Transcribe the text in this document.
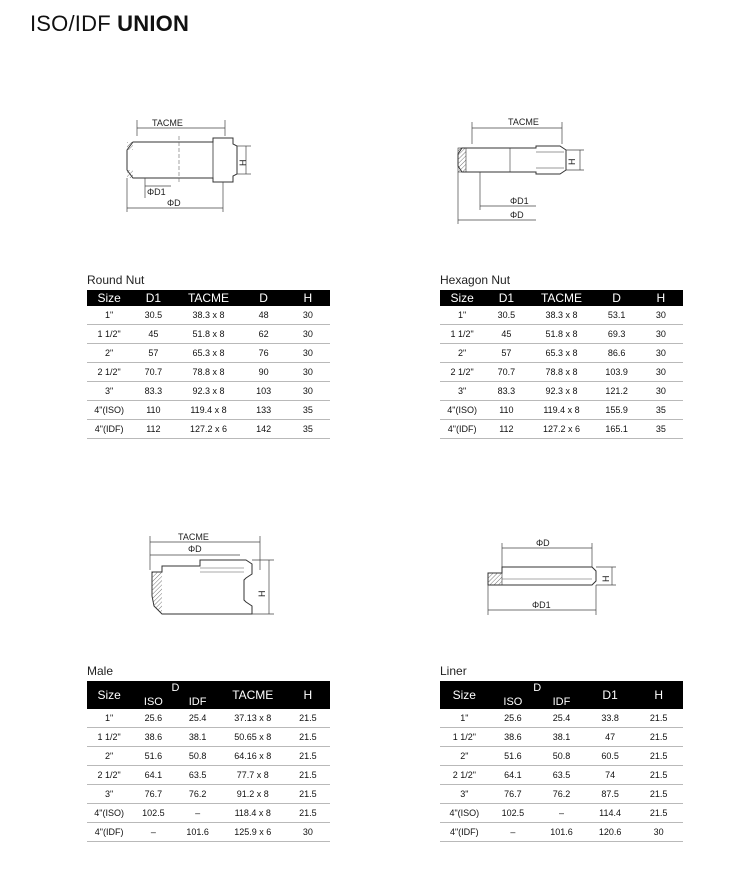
ISO/IDF UNION
TACME
H
ΦD1
ΦD
TACME
H
ΦD1
ΦD
Round Nut
Size	D1	TACME	D	H
1"	30.5	38.3 x 8	48	30
1 1/2"	45	51.8 x 8	62	30
2"	57	65.3 x 8	76	30
2 1/2"	70.7	78.8 x 8	90	30
3"	83.3	92.3 x 8	103	30
4"(ISO)	110	119.4 x 8	133	35
4"(IDF)	112	127.2 x 6	142	35
Hexagon Nut
Size	D1	TACME	D	H
1"	30.5	38.3 x 8	53.1	30
1 1/2"	45	51.8 x 8	69.3	30
2"	57	65.3 x 8	86.6	30
2 1/2"	70.7	78.8 x 8	103.9	30
3"	83.3	92.3 x 8	121.2	30
4"(ISO)	110	119.4 x 8	155.9	35
4"(IDF)	112	127.2 x 6	165.1	35
TACME
ΦD
H
ΦD
H
ΦD1
Male
Size	D		TACME	H
	ISO	IDF		
1"	25.6	25.4	37.13 x 8	21.5
1 1/2"	38.6	38.1	50.65 x 8	21.5
2"	51.6	50.8	64.16 x 8	21.5
2 1/2"	64.1	63.5	77.7 x 8	21.5
3"	76.7	76.2	91.2 x 8	21.5
4"(ISO)	102.5	–	118.4 x 8	21.5
4"(IDF)	–	101.6	125.9 x 6	30
Liner
Size	D		D1	H
	ISO	IDF		
1"	25.6	25.4	33.8	21.5
1 1/2"	38.6	38.1	47	21.5
2"	51.6	50.8	60.5	21.5
2 1/2"	64.1	63.5	74	21.5
3"	76.7	76.2	87.5	21.5
4"(ISO)	102.5	–	114.4	21.5
4"(IDF)	–	101.6	120.6	30
